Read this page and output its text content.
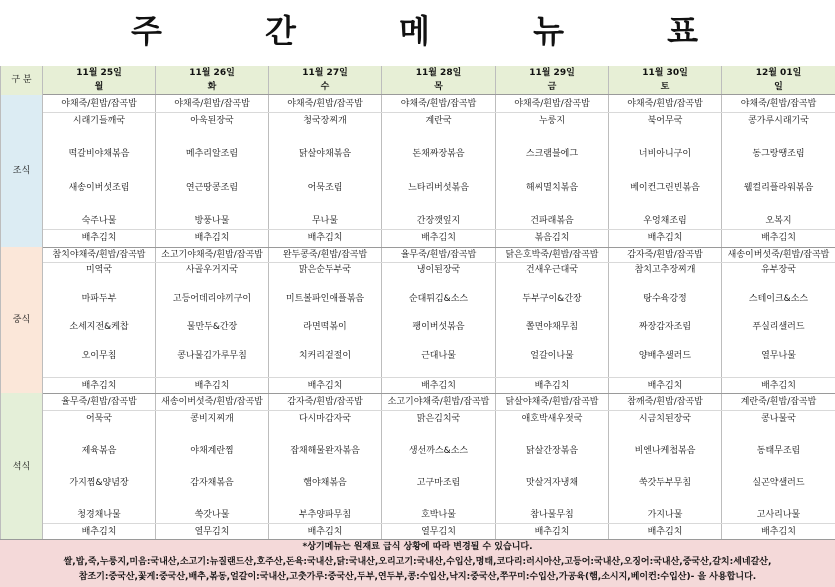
주 간 메 뉴 표
구 분	11월 25일	11월 26일	11월 27일	11월 28일	11월 29일	11월 30일	12월 01일
	월	화	수	목	금	토	일
조식	야채죽/흰밥/잡곡밥	야채죽/흰밥/잡곡밥	야채죽/흰밥/잡곡밥	야채죽/흰밥/잡곡밥	야채죽/흰밥/잡곡밥	야채죽/흰밥/잡곡밥	야채죽/흰밥/잡곡밥
	시래기들깨국	아욱된장국	청국장찌개	계란국	누룽지	북어무국	콩가루시래기국

	떡갈비야채볶음	메추리알조림	닭살야채볶음	돈채짜장볶음	스크램블에그	너비아니구이	동그랑땡조림

	새송이버섯조림	연근땅콩조림	어묵조림	느타리버섯볶음	해씨멸치볶음	베이컨그린빈볶음	웰컬리플라워볶음

	숙주나물	방풍나물	무나물	간장깻잎지	건파래볶음	우엉채조림	오복지
	배추김치	배추김치	배추김치	배추김치	볶음김치	배추김치	배추김치
중식	참치야채죽/흰밥/잡곡밥	소고기야채죽/흰밥/잡곡밥	완두콩죽/흰밥/잡곡밥	율무죽/흰밥/잡곡밥	닭은호박죽/흰밥/잡곡밥	감자죽/흰밥/잡곡밥	새송이버섯죽/흰밥/잡곡밥
	미역국	사골우거지국	맑은순두부국	냉이된장국	건새우근대국	참치고추장찌개	유부장국

	마파두부	고등어데리야끼구이	미트볼파인애플볶음	순대튀김&소스	두부구이&간장	탕수육강정	스테이크&소스

	소세지전&케찹	물만두&간장	라면떡볶이	팽이버섯볶음	쫄면야채무침	짜장감자조림	푸실리샐러드

	오이무침	콩나물김가루무침	치커리겉절이	근대나물	얼갈이나물	양배추샐러드	열무나물

	배추김치	배추김치	배추김치	배추김치	배추김치	배추김치	배추김치
석식	율무죽/흰밥/잡곡밥	새송이버섯죽/흰밥/잡곡밥	감자죽/흰밥/잡곡밥	소고기야채죽/흰밥/잡곡밥	닭살야채죽/흰밥/잡곡밥	참깨죽/흰밥/잡곡밥	계란죽/흰밥/잡곡밥
	어묵국	콩비지찌개	다시마감자국	맑은김치국	애호박새우젓국	시금치된장국	콩나물국

	제육볶음	야채계란찜	잡채해물완자볶음	생선까스&소스	닭살간장볶음	비엔나케첩볶음	동태무조림

	가지찜&양념장	감자채볶음	햄야채볶음	고구마조림	맛살겨자냉채	쑥갓두부무침	실곤약샐러드

	청경채나물	쑥갓나물	부추양파무침	호박나물	참나물무침	가지나물	고사리나물
	배추김치	열무김치	배추김치	열무김치	배추김치	배추김치	배추김치
*상기메뉴는 원재료 급식 상황에 따라 변경될 수 있습니다.
쌀,밥,죽,누룽지,미음:국내산,소고기:뉴질랜드산,호주산,돈육:국내산,닭:국내산,오리고기:국내산,수입산,명태,코다리:러시아산,고등어:국내산,오징어:국내산,중국산,갈치:세네갈산,
참조기:중국산,꽃게:중국산,배추,볶동,얼갈이:국내산,고춧가루:중국산,두부,연두부,콩:수입산,낙지:중국산,쭈꾸미:수입산,가공육(햄,소시지,베이컨:수입산)- 을 사용합니다.
